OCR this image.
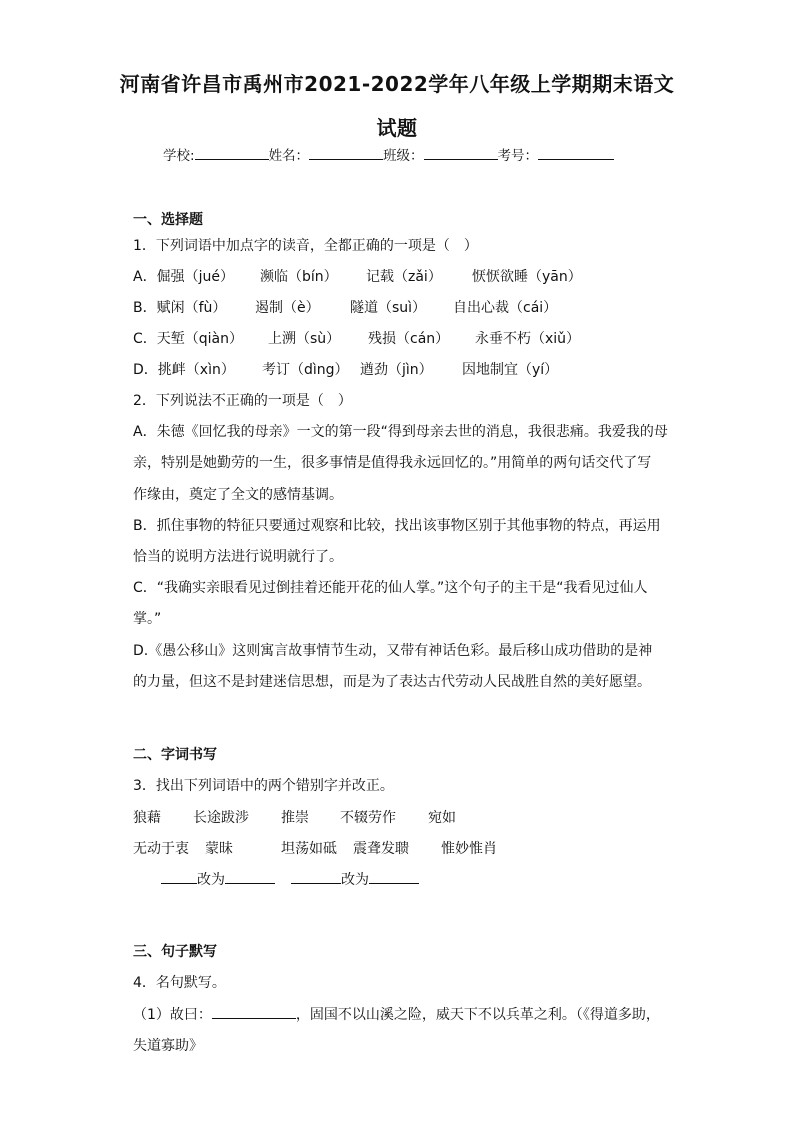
河南省许昌市禹州市2021-2022学年八年级上学期期末语文
试题
学校:	姓名：	班级：	考号：
一、选择题
1．下列词语中加点字的读音，全都正确的一项是（　）
A．倔强（jué） 濒临（bín） 记载（zǎi） 恹恹欲睡（yān）
B．赋闲（fù） 遏制（è） 隧道（suì） 自出心裁（cái）
C．天堑（qiàn） 上溯（sù） 残损（cán） 永垂不朽（xiǔ）
D．挑衅（xìn） 考订（dìng） 遒劲（jìn） 因地制宜（yí）
2．下列说法不正确的一项是（　）
A．朱德《回忆我的母亲》一文的第一段“得到母亲去世的消息，我很悲痛。我爱我的母
亲，特别是她勤劳的一生，很多事情是值得我永远回忆的。”用简单的两句话交代了写
作缘由，奠定了全文的感情基调。
B．抓住事物的特征只要通过观察和比较，找出该事物区别于其他事物的特点，再运用
恰当的说明方法进行说明就行了。
C．“我确实亲眼看见过倒挂着还能开花的仙人掌。”这个句子的主干是“我看见过仙人
掌。”
D.《愚公移山》这则寓言故事情节生动，又带有神话色彩。最后移山成功借助的是神
的力量，但这不是封建迷信思想，而是为了表达古代劳动人民战胜自然的美好愿望。
二、字词书写
3．找出下列词语中的两个错别字并改正。
狼藉 长途跋涉 推崇 不辍劳作 宛如
无动于衷 蒙昧	坦荡如砥 震聋发聩 惟妙惟肖
改为	改为
三、句子默写
4．名句默写。
（1）故曰：	，固国不以山溪之险，威天下不以兵革之利。（《得道多助，
失道寡助》
